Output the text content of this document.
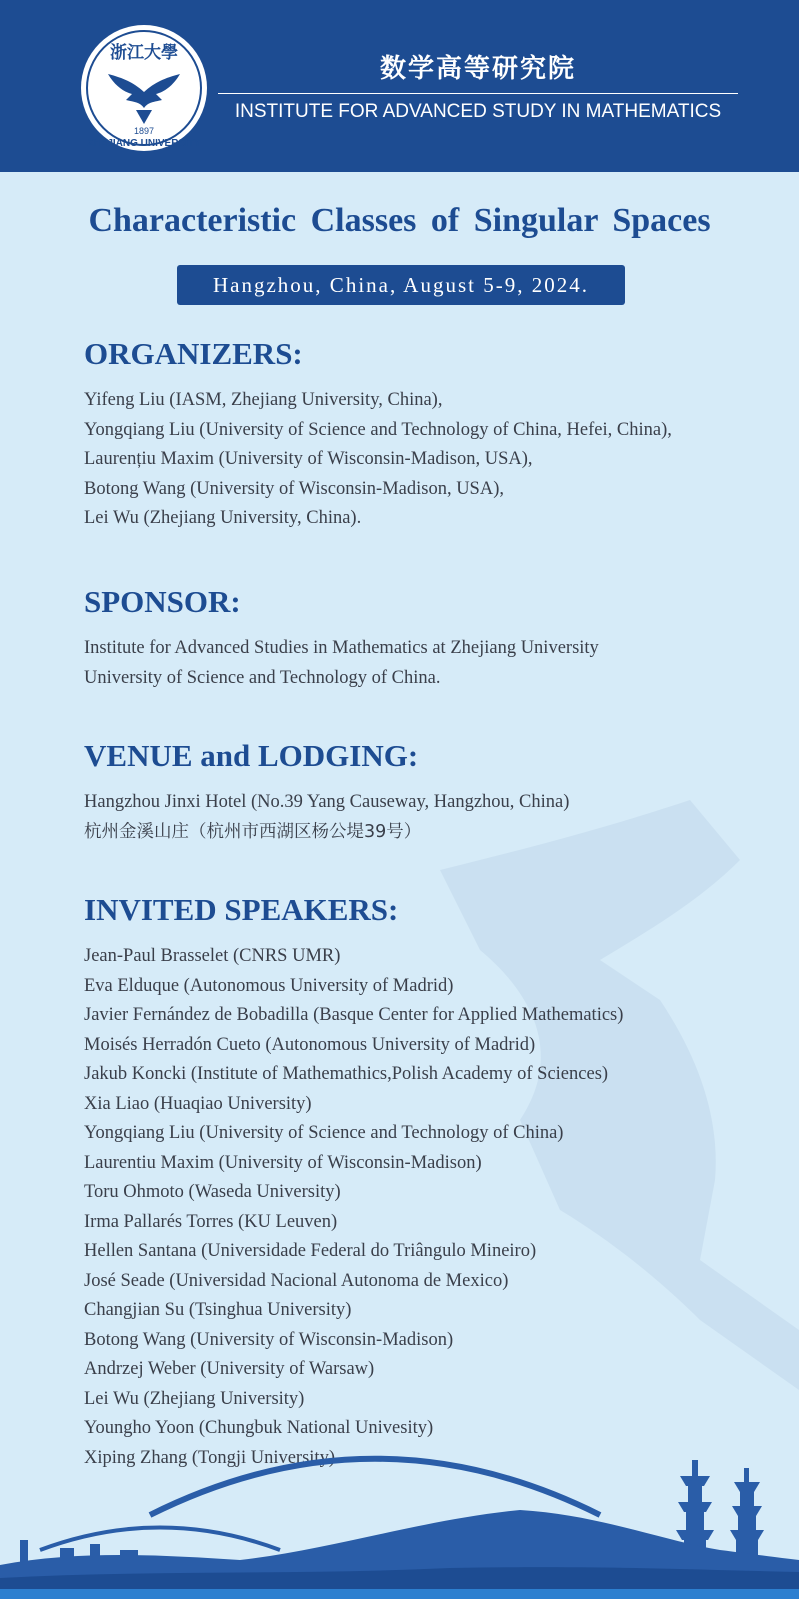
浙江大學
1897
ZHEJIANG UNIVERSITY
数学高等研究院
INSTITUTE FOR ADVANCED STUDY IN MATHEMATICS
Characteristic Classes of Singular Spaces
Hangzhou, China, August 5-9, 2024.
ORGANIZERS:
Yifeng Liu (IASM, Zhejiang University, China),
Yongqiang Liu (University of Science and Technology of China, Hefei, China),
Laurențiu Maxim (University of Wisconsin-Madison, USA),
Botong Wang (University of Wisconsin-Madison, USA),
Lei Wu (Zhejiang University, China).
SPONSOR:
Institute for Advanced Studies in Mathematics at Zhejiang University
University of Science and Technology of China.
VENUE and LODGING:
Hangzhou Jinxi Hotel (No.39 Yang Causeway, Hangzhou, China)
杭州金溪山庄（杭州市西湖区杨公堤39号）
INVITED SPEAKERS:
Jean-Paul Brasselet (CNRS UMR)
Eva Elduque (Autonomous University of Madrid)
Javier Fernández de Bobadilla (Basque Center for Applied Mathematics)
Moisés Herradón Cueto (Autonomous University of Madrid)
Jakub Koncki (Institute of Mathemathics,Polish Academy of Sciences)
Xia Liao (Huaqiao University)
Yongqiang Liu (University of Science and Technology of China)
Laurentiu Maxim (University of Wisconsin-Madison)
Toru Ohmoto (Waseda University)
Irma Pallarés Torres (KU Leuven)
Hellen Santana (Universidade Federal do Triângulo Mineiro)
José Seade (Universidad Nacional Autonoma de Mexico)
Changjian Su (Tsinghua University)
Botong Wang (University of Wisconsin-Madison)
Andrzej Weber (University of Warsaw)
Lei Wu (Zhejiang University)
Youngho Yoon (Chungbuk National Univesity)
Xiping Zhang (Tongji University)
